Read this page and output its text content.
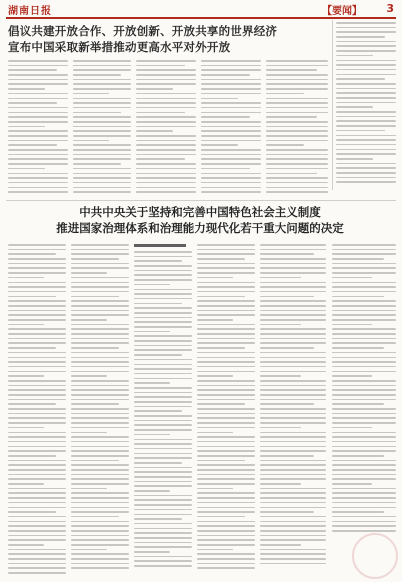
湖南日报	【要闻】	3
倡议共建开放合作、开放创新、开放共享的世界经济
宣布中国采取新举措推动更高水平对外开放
中共中央关于坚持和完善中国特色社会主义制度
推进国家治理体系和治理能力现代化若干重大问题的决定
